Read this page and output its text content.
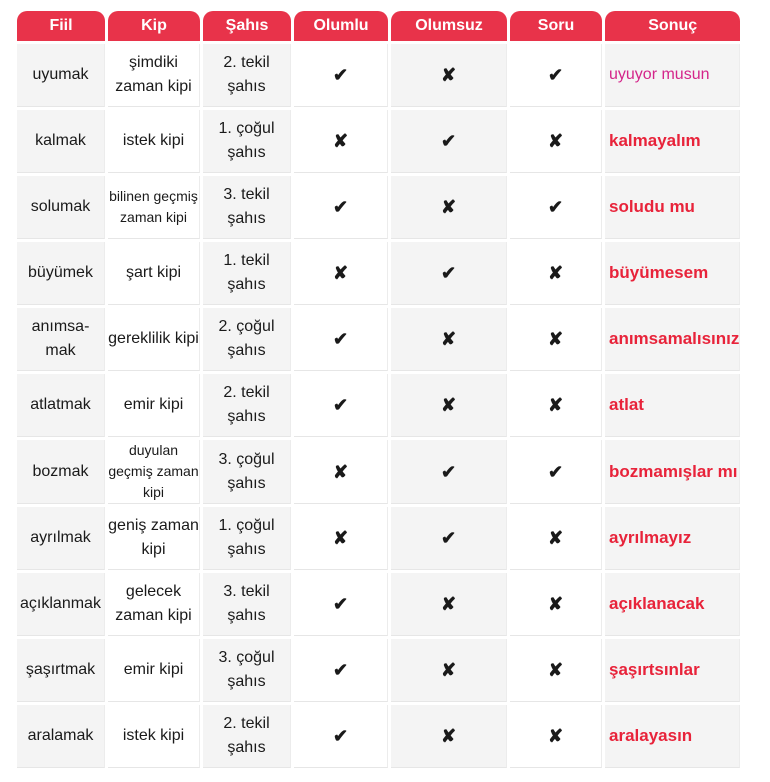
Fiil	Kip	Şahıs	Olumlu	Olumsuz	Soru	Sonuç

uyumak	şimdiki zaman kipi	2. tekil şahıs	✔	✘	✔	uyuyor musun
kalmak	istek kipi	1. çoğul şahıs	✘	✔	✘	kalmayalım
solumak	bilinen geçmiş zaman kipi	3. tekil şahıs	✔	✘	✔	soludu mu
büyümek	şart kipi	1. tekil şahıs	✘	✔	✘	büyümesem
anımsa-mak	gereklilik kipi	2. çoğul şahıs	✔	✘	✘	anımsamalısınız
atlatmak	emir kipi	2. tekil şahıs	✔	✘	✘	atlat
bozmak	duyulan geçmiş zaman kipi	3. çoğul şahıs	✘	✔	✔	bozmamışlar mı
ayrılmak	geniş zaman kipi	1. çoğul şahıs	✘	✔	✘	ayrılmayız
açıklanmak	gelecek zaman kipi	3. tekil şahıs	✔	✘	✘	açıklanacak
şaşırtmak	emir kipi	3. çoğul şahıs	✔	✘	✘	şaşırtsınlar
aralamak	istek kipi	2. tekil şahıs	✔	✘	✘	aralayasın
